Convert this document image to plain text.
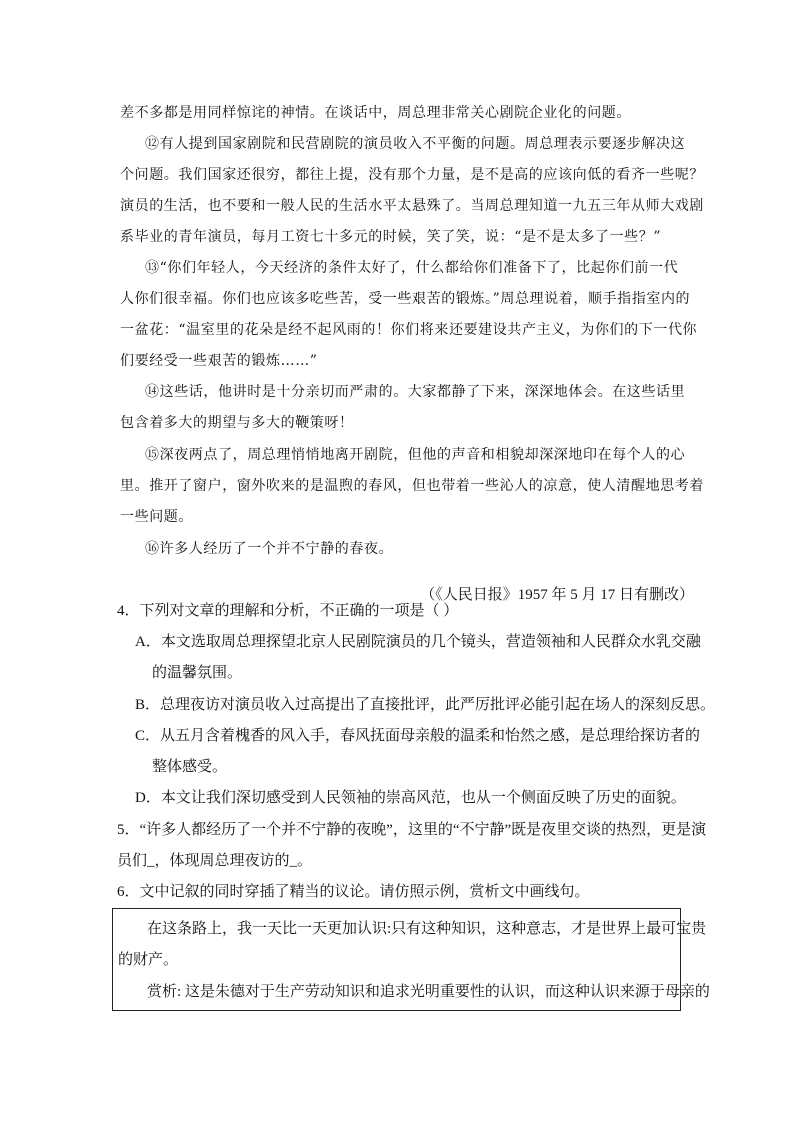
差不多都是用同样惊诧的神情。在谈话中，周总理非常关心剧院企业化的问题。

⑫有人提到国家剧院和民营剧院的演员收入不平衡的问题。周总理表示要逐步解决这

个问题。我们国家还很穷，都往上提，没有那个力量，是不是高的应该向低的看齐一些呢？

演员的生活，也不要和一般人民的生活水平太悬殊了。当周总理知道一九五三年从师大戏剧

系毕业的青年演员，每月工资七十多元的时候，笑了笑，说：“是不是太多了一些？”

⑬“你们年轻人，今天经济的条件太好了，什么都给你们准备下了，比起你们前一代

人你们很幸福。你们也应该多吃些苦，受一些艰苦的锻炼。”周总理说着，顺手指指室内的

一盆花：“温室里的花朵是经不起风雨的！你们将来还要建设共产主义，为你们的下一代你

们要经受一些艰苦的锻炼……”

⑭这些话，他讲时是十分亲切而严肃的。大家都静了下来，深深地体会。在这些话里

包含着多大的期望与多大的鞭策呀！

⑮深夜两点了，周总理悄悄地离开剧院，但他的声音和相貌却深深地印在每个人的心

里。推开了窗户，窗外吹来的是温煦的春风，但也带着一些沁人的凉意，使人清醒地思考着

一些问题。

⑯许多人经历了一个并不宁静的春夜。

（《人民日报》1957 年 5 月 17 日有删改）

4．下列对文章的理解和分析，不正确的一项是（ ）

A．本文选取周总理探望北京人民剧院演员的几个镜头，营造领袖和人民群众水乳交融

的温馨氛围。

B．总理夜访对演员收入过高提出了直接批评，此严厉批评必能引起在场人的深刻反思。

C．从五月含着槐香的风入手，春风抚面母亲般的温柔和怡然之感，是总理给探访者的

整体感受。

D．本文让我们深切感受到人民领袖的崇高风范，也从一个侧面反映了历史的面貌。

5．“许多人都经历了一个并不宁静的夜晚”，这里的“不宁静”既是夜里交谈的热烈，更是演

员们_，体现周总理夜访的_。

6．文中记叙的同时穿插了精当的议论。请仿照示例，赏析文中画线句。

在这条路上，我一天比一天更加认识:只有这种知识，这种意志，才是世界上最可宝贵

的财产。

赏析: 这是朱德对于生产劳动知识和追求光明重要性的认识，而这种认识来源于母亲的
